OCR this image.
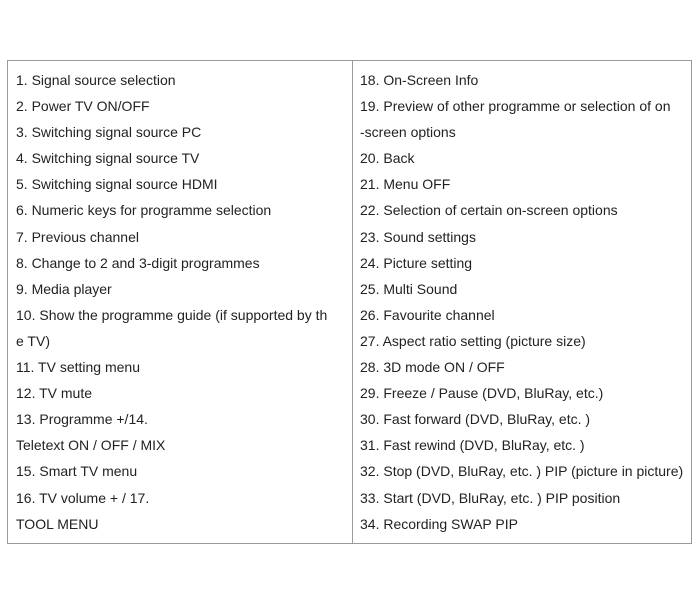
1. Signal source selection
2. Power TV ON/OFF
3. Switching signal source PC
4. Switching signal source TV
5. Switching signal source HDMI
6. Numeric keys for programme selection
7. Previous channel
8. Change to 2 and 3-digit programmes
9. Media player
10. Show the programme guide (if supported by th
e TV)
11. TV setting menu
12. TV mute
13. Programme +/14.
Teletext ON / OFF / MIX
15. Smart TV menu
16. TV volume + / 17.
TOOL MENU
18. On-Screen Info
19. Preview of other programme or selection of on
-screen options
20. Back
21. Menu OFF
22. Selection of certain on-screen options
23. Sound settings
24. Picture setting
25. Multi Sound
26. Favourite channel
27. Aspect ratio setting (picture size)
28. 3D mode ON / OFF
29. Freeze / Pause (DVD, BluRay, etc.)
30. Fast forward (DVD, BluRay, etc. )
31. Fast rewind (DVD, BluRay, etc. )
32. Stop (DVD, BluRay, etc. ) PIP (picture in picture)
33. Start (DVD, BluRay, etc. ) PIP position
34. Recording SWAP PIP
